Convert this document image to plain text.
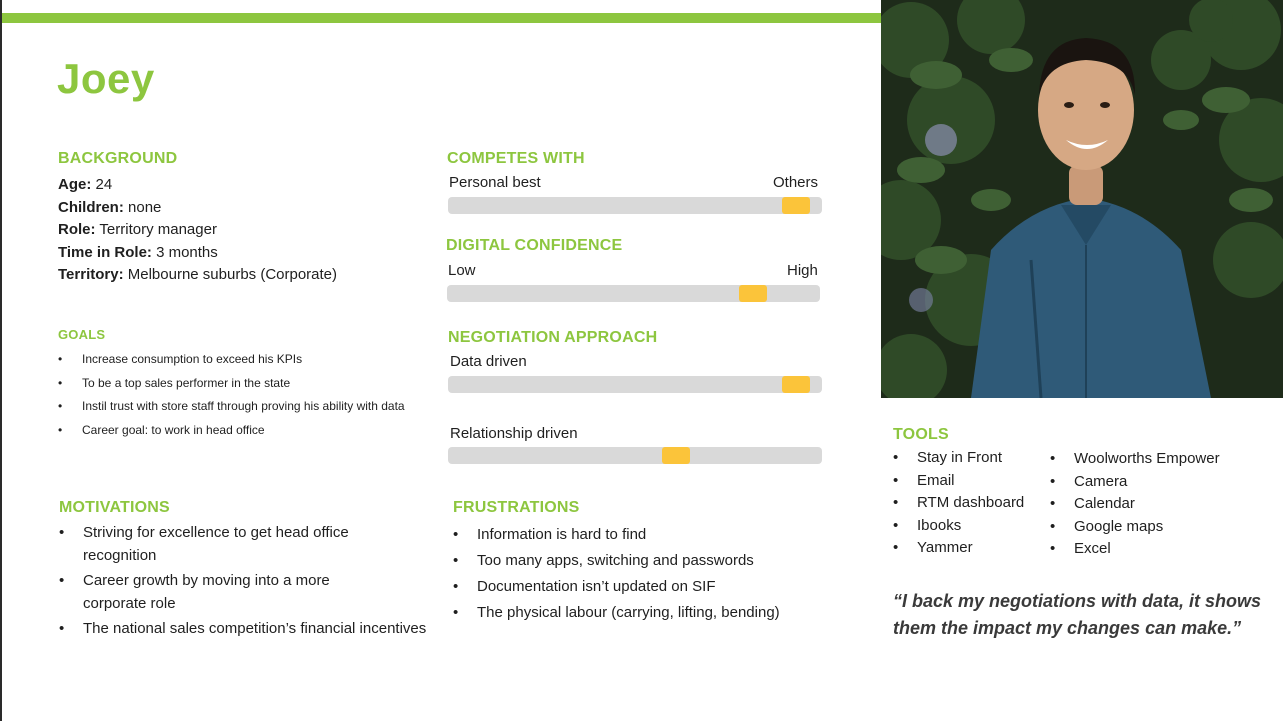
Joey
BACKGROUND
Age: 24
Children: none
Role: Territory manager
Time in Role: 3 months
Territory: Melbourne suburbs (Corporate)
GOALS
• Increase consumption to exceed his KPIs
• To be a top sales performer in the state
• Instil trust with store staff through proving his ability with data
• Career goal: to work in head office
MOTIVATIONS
• Striving for excellence to get head office
recognition
• Career growth by moving into a more
corporate role
• The national sales competition’s financial incentives
COMPETES WITH
Personal best	Others
DIGITAL CONFIDENCE
Low	High
NEGOTIATION APPROACH
Data driven
Relationship driven
FRUSTRATIONS
• Information is hard to find
• Too many apps, switching and passwords
• Documentation isn’t updated on SIF
• The physical labour (carrying, lifting, bending)
TOOLS
• Stay in Front
• Email
• RTM dashboard
• Ibooks
• Yammer
• Woolworths Empower
• Camera
• Calendar
• Google maps
• Excel
“I back my negotiations with data, it shows them the impact my changes can make.”
